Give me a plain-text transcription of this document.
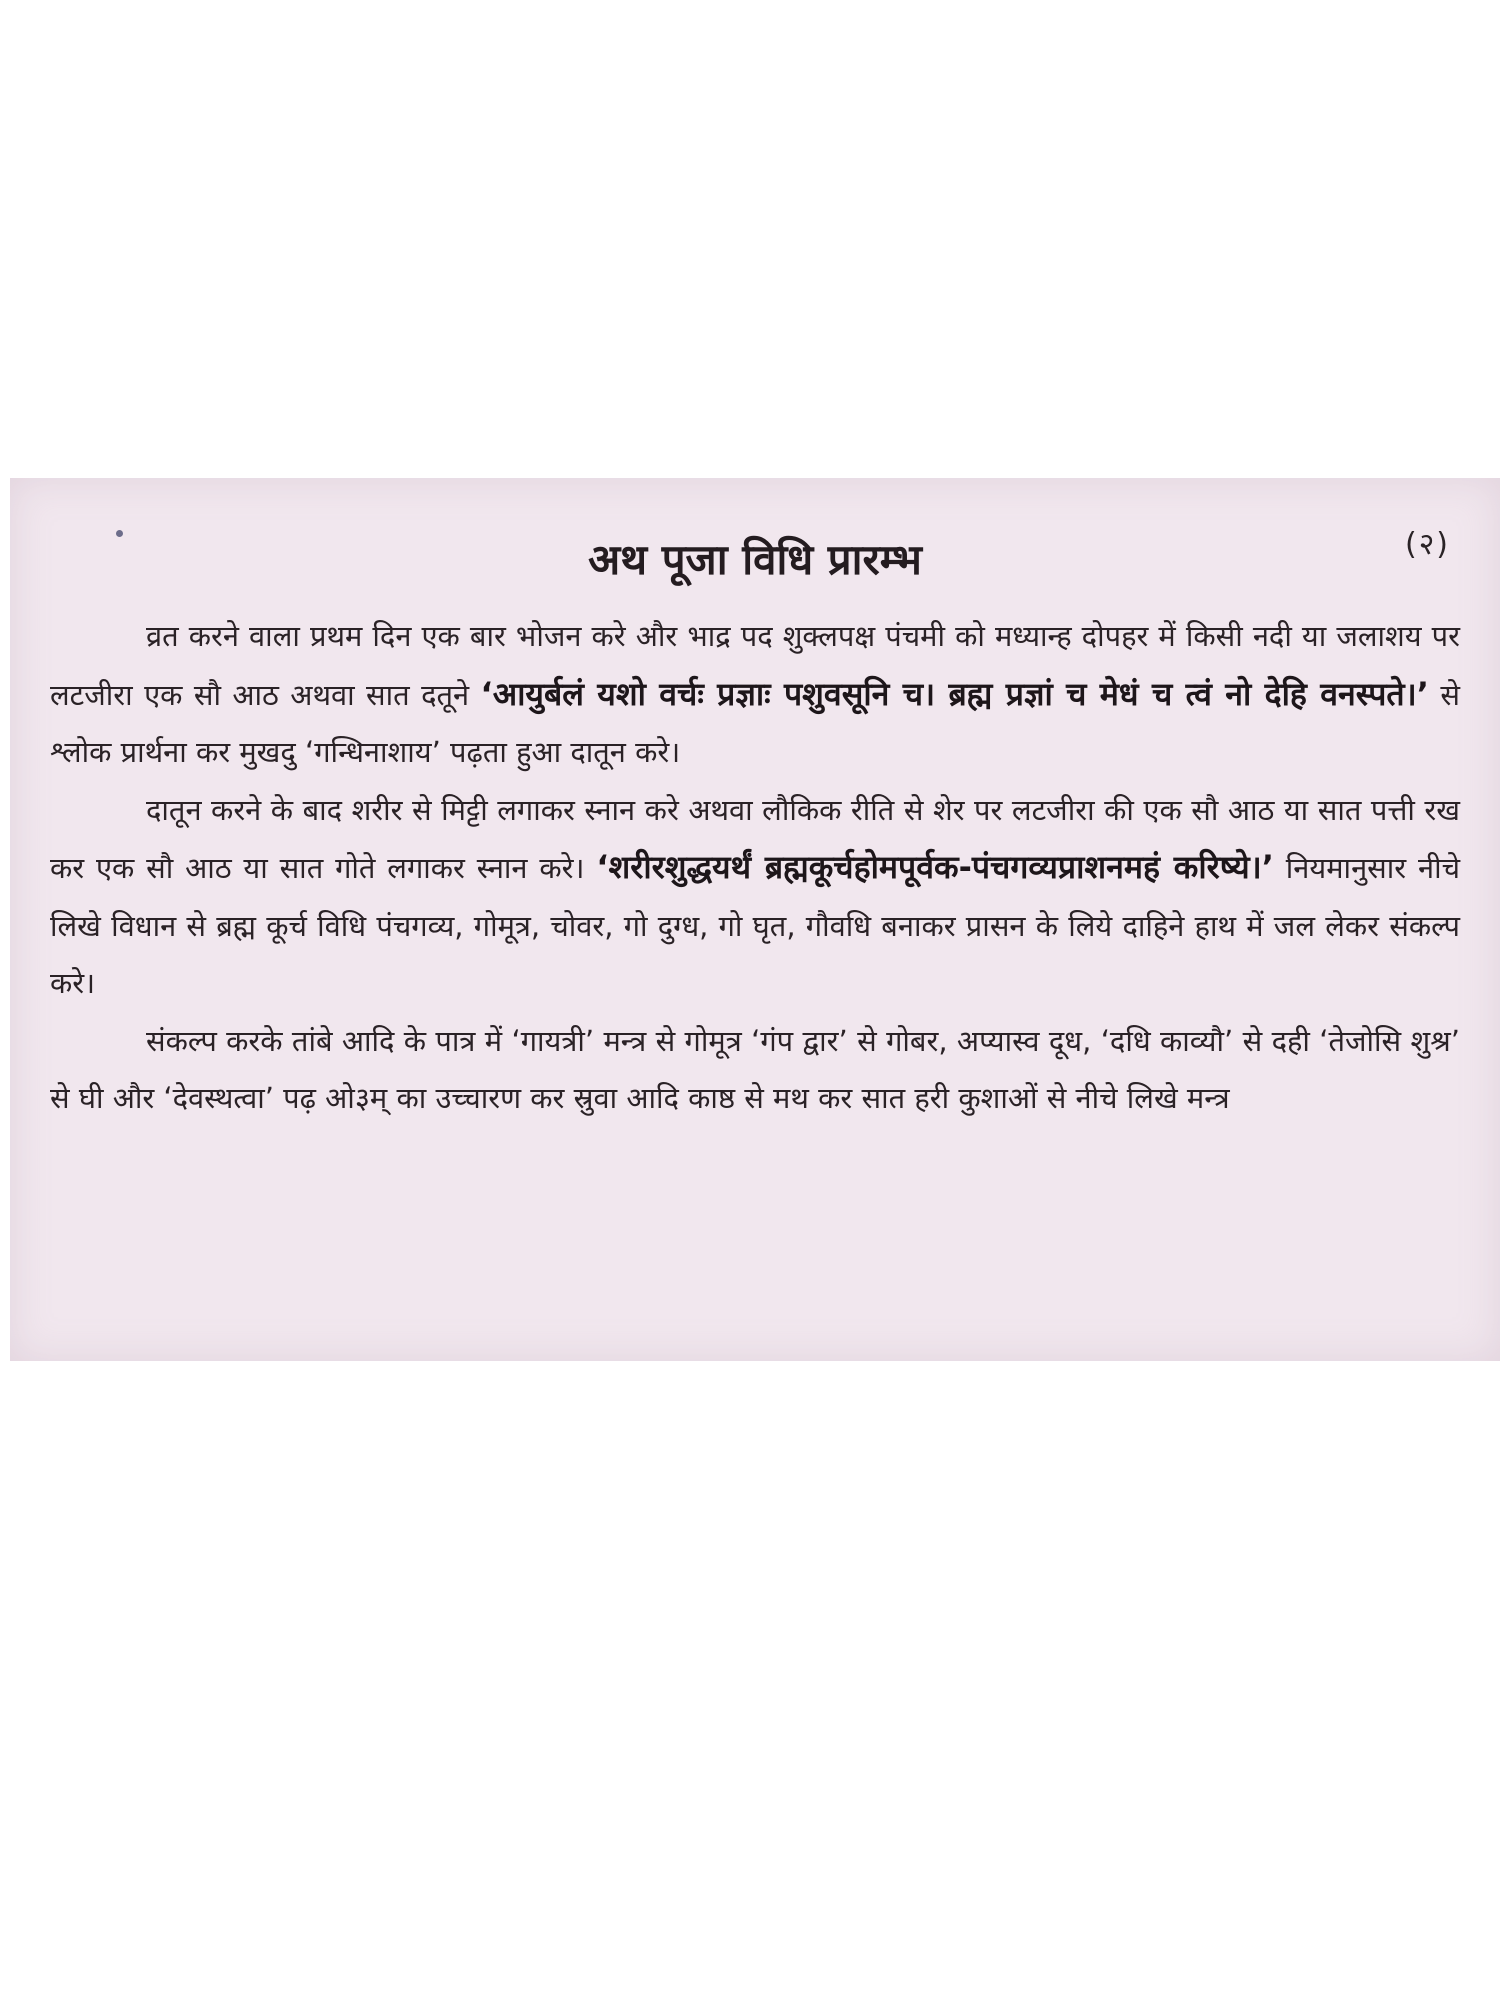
(२)
अथ पूजा विधि प्रारम्भ

व्रत करने वाला प्रथम दिन एक बार भोजन करे और भाद्र पद शुक्लपक्ष पंचमी को मध्यान्ह दोपहर में किसी नदी या जलाशय पर लटजीरा एक सौ आठ अथवा सात दतूने ‘आयुर्बलं यशो वर्चः प्रज्ञाः पशुवसूनि च। ब्रह्म प्रज्ञां च मेधं च त्वं नो देहि वनस्पते।’ से श्लोक प्रार्थना कर मुखदु ‘गन्धिनाशाय’ पढ़ता हुआ दातून करे।

दातून करने के बाद शरीर से मिट्टी लगाकर स्नान करे अथवा लौकिक रीति से शेर पर लटजीरा की एक सौ आठ या सात पत्ती रख कर एक सौ आठ या सात गोते लगाकर स्नान करे। ‘शरीरशुद्धयर्थं ब्रह्मकूर्चहोमपूर्वक-पंचगव्यप्राशनमहं करिष्ये।’ नियमानुसार नीचे लिखे विधान से ब्रह्म कूर्च विधि पंचगव्य, गोमूत्र, चोवर, गो दुग्ध, गो घृत, गौवधि बनाकर प्रासन के लिये दाहिने हाथ में जल लेकर संकल्प करे।

संकल्प करके तांबे आदि के पात्र में ‘गायत्री’ मन्त्र से गोमूत्र ‘गंप द्वार’ से गोबर, अप्यास्व दूध, ‘दधि काव्यौ’ से दही ‘तेजोसि शुश्र’ से घी और ‘देवस्थत्वा’ पढ़ ओ३म् का उच्चारण कर स्रुवा आदि काष्ठ से मथ कर सात हरी कुशाओं से नीचे लिखे मन्त्र
